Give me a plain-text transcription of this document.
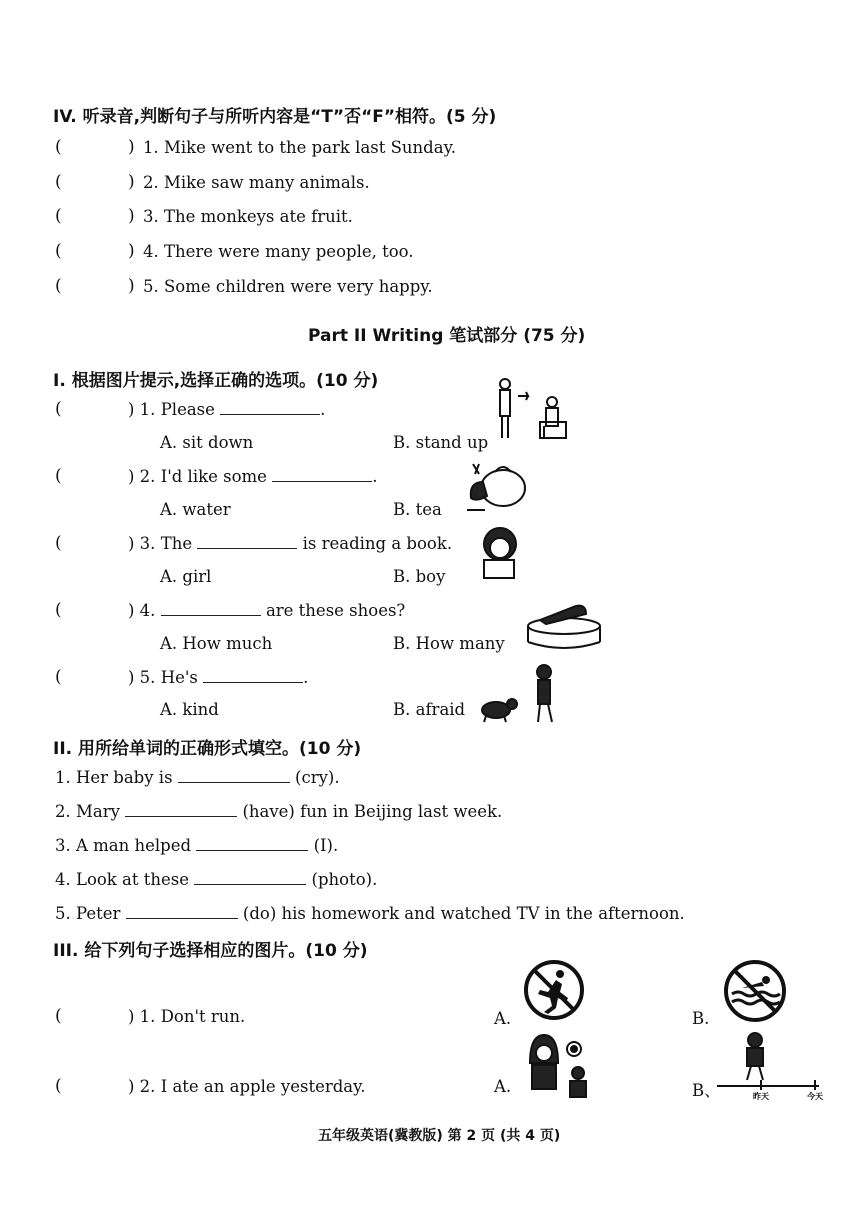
IV. 听录音,判断句子与所听内容是“T”否“F”相符。(5 分)
(	) 1. Mike went to the park last Sunday.
(	) 2. Mike saw many animals.
(	) 3. The monkeys ate fruit.
(	) 4. There were many people, too.
(	) 5. Some children were very happy.
Part II Writing 笔试部分 (75 分)
I. 根据图片提示,选择正确的选项。(10 分)
(	) 1. Please	.
A. sit down	B. stand up
(	) 2. I'd like some	.
A. water	B. tea
(	) 3. The	is reading a book.
A. girl	B. boy
(	) 4.	are these shoes?
A. How much	B. How many
(	) 5. He's	.
A. kind	B. afraid
II. 用所给单词的正确形式填空。(10 分)
1. Her baby is	(cry).
2. Mary	(have) fun in Beijing last week.
3. A man helped	(I).
4. Look at these	(photo).
5. Peter	(do) his homework and watched TV in the afternoon.
III. 给下列句子选择相应的图片。(10 分)
(	) 1. Don't run.	A.	B.
(	) 2. I ate an apple yesterday.	A.	B、	昨天	今天
五年级英语(冀教版) 第 2 页 (共 4 页)
